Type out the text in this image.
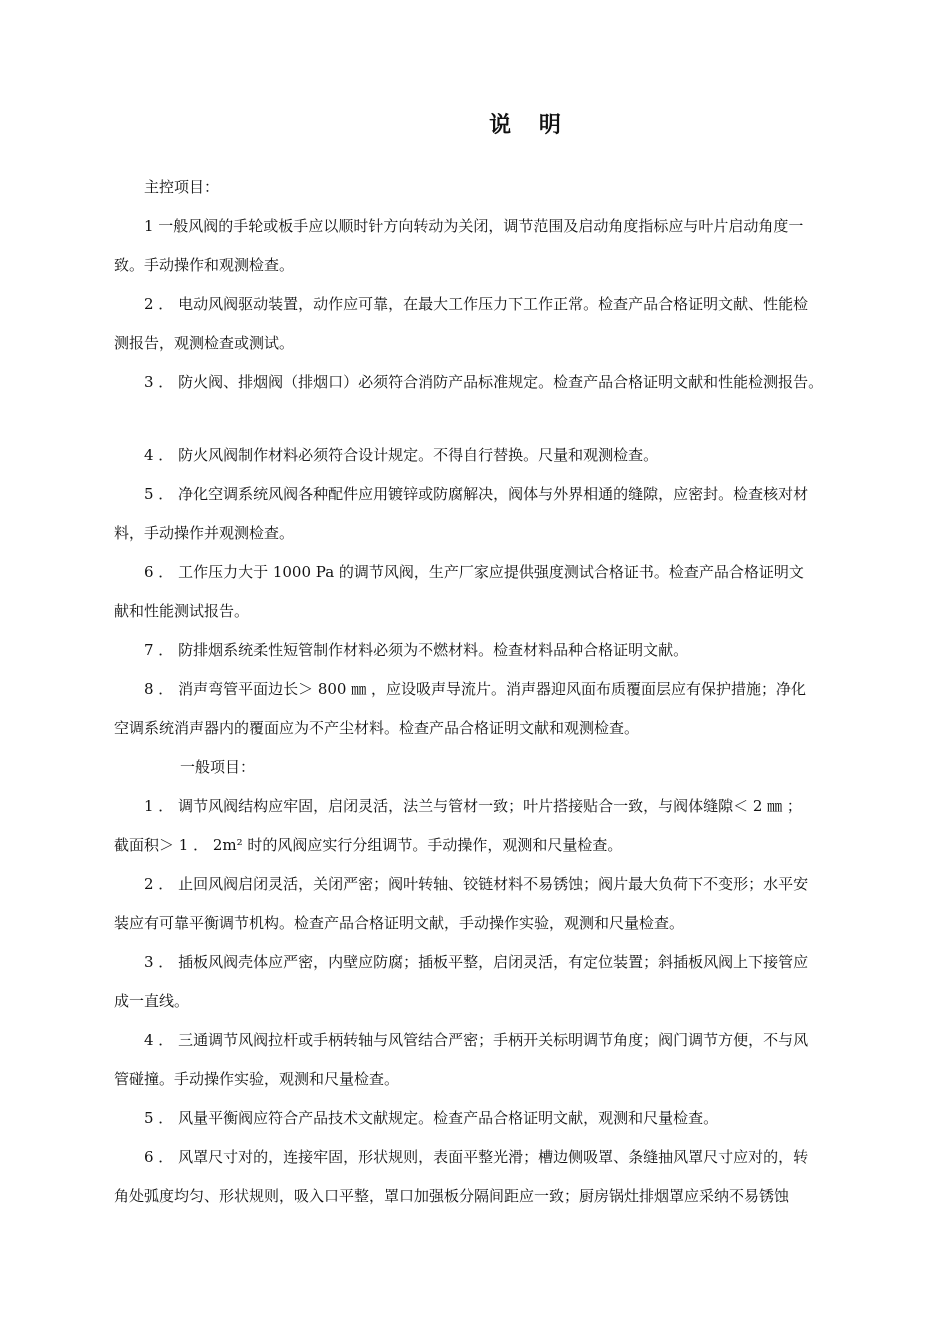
说 明
主控项目：
1 一般风阀的手轮或板手应以顺时针方向转动为关闭，调节范围及启动角度指标应与叶片启动角度一
致。手动操作和观测检查。
2 ． 电动风阀驱动装置，动作应可靠，在最大工作压力下工作正常。检查产品合格证明文献、性能检
测报告，观测检查或测试。
3 ． 防火阀、排烟阀（排烟口）必须符合消防产品标准规定。检查产品合格证明文献和性能检测报告。
4 ． 防火风阀制作材料必须符合设计规定。不得自行替换。尺量和观测检查。
5 ． 净化空调系统风阀各种配件应用镀锌或防腐解决，阀体与外界相通的缝隙，应密封。检查核对材
料，手动操作并观测检查。
6 ． 工作压力大于 1000 Pa 的调节风阀，生产厂家应提供强度测试合格证书。检查产品合格证明文
献和性能测试报告。
7 ． 防排烟系统柔性短管制作材料必须为不燃材料。检查材料品种合格证明文献。
8 ． 消声弯管平面边长＞ 800 ㎜ ，应设吸声导流片。消声器迎风面布质覆面层应有保护措施；净化
空调系统消声器内的覆面应为不产尘材料。检查产品合格证明文献和观测检查。
一般项目：
1 ． 调节风阀结构应牢固，启闭灵活，法兰与管材一致；叶片搭接贴合一致，与阀体缝隙＜ 2 ㎜ ；
截面积＞ 1 ． 2m² 时的风阀应实行分组调节。手动操作，观测和尺量检查。
2 ． 止回风阀启闭灵活，关闭严密；阀叶转轴、铰链材料不易锈蚀；阀片最大负荷下不变形；水平安
装应有可靠平衡调节机构。检查产品合格证明文献，手动操作实验，观测和尺量检查。
3 ． 插板风阀壳体应严密，内壁应防腐；插板平整，启闭灵活，有定位装置；斜插板风阀上下接管应
成一直线。
4 ． 三通调节风阀拉杆或手柄转轴与风管结合严密；手柄开关标明调节角度；阀门调节方便，不与风
管碰撞。手动操作实验，观测和尺量检查。
5 ． 风量平衡阀应符合产品技术文献规定。检查产品合格证明文献，观测和尺量检查。
6 ． 风罩尺寸对的，连接牢固，形状规则，表面平整光滑；槽边侧吸罩、条缝抽风罩尺寸应对的，转
角处弧度均匀、形状规则，吸入口平整，罩口加强板分隔间距应一致；厨房锅灶排烟罩应采纳不易锈蚀
